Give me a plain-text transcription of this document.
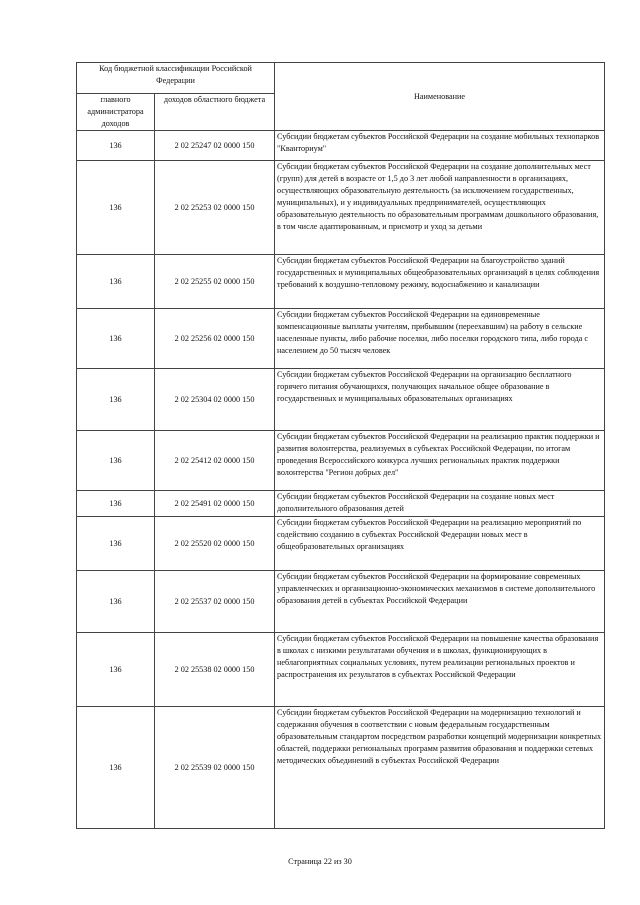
Код бюджетной классификации Российской Федерации		Наименование
главного администратора доходов	доходов областного бюджета	
136	2 02 25247 02 0000 150	Субсидии бюджетам субъектов Российской Федерации на создание мобильных технопарков "Кванториум"
136	2 02 25253 02 0000 150	Субсидии бюджетам субъектов Российской Федерации на создание дополнительных мест (групп) для детей в возрасте от 1,5 до 3 лет любой направленности в организациях, осуществляющих образовательную деятельность (за исключением государственных, муниципальных), и у индивидуальных предпринимателей, осуществляющих образовательную деятельность по образовательным программам дошкольного образования, в том числе адаптированным, и присмотр и уход за детьми
136	2 02 25255 02 0000 150	Субсидии бюджетам субъектов Российской Федерации на благоустройство зданий государственных и муниципальных общеобразовательных организаций в целях соблюдения требований к воздушно-тепловому режиму, водоснабжению и канализации
136	2 02 25256 02 0000 150	Субсидии бюджетам субъектов Российской Федерации на единовременные компенсационные выплаты учителям, прибывшим (переехавшим) на работу в сельские населенные пункты, либо рабочие поселки, либо поселки городского типа, либо города с населением до 50 тысяч человек
136	2 02 25304 02 0000 150	Субсидии бюджетам субъектов Российской Федерации на организацию бесплатного горячего питания обучающихся, получающих начальное общее образование в государственных и муниципальных образовательных организациях
136	2 02 25412 02 0000 150	Субсидии бюджетам субъектов Российской Федерации на реализацию практик поддержки и развития волонтерства, реализуемых в субъектах Российской Федерации, по итогам проведения Всероссийского конкурса лучших региональных практик поддержки волонтерства "Регион добрых дел"
136	2 02 25491 02 0000 150	Субсидии бюджетам субъектов Российской Федерации на создание новых мест дополнительного образования детей
136	2 02 25520 02 0000 150	Субсидии бюджетам субъектов Российской Федерации на реализацию мероприятий по содействию созданию в субъектах Российской Федерации новых мест в общеобразовательных организациях
136	2 02 25537 02 0000 150	Субсидии бюджетам субъектов Российской Федерации на формирование современных управленческих и организационно-экономических механизмов в системе дополнительного образования детей в субъектах Российской Федерации
136	2 02 25538 02 0000 150	Субсидии бюджетам субъектов Российской Федерации на повышение качества образования в школах с низкими результатами обучения и в школах, функционирующих в неблагоприятных социальных условиях, путем реализации региональных проектов и распространения их результатов в субъектах Российской Федерации
136	2 02 25539 02 0000 150	Субсидии бюджетам субъектов Российской Федерации на модернизацию технологий и содержания обучения в соответствии с новым федеральным государственным образовательным стандартом посредством разработки концепций модернизации конкретных областей, поддержки региональных программ развития образования и поддержки сетевых методических объединений в субъектах Российской Федерации
Страница 22 из 30
